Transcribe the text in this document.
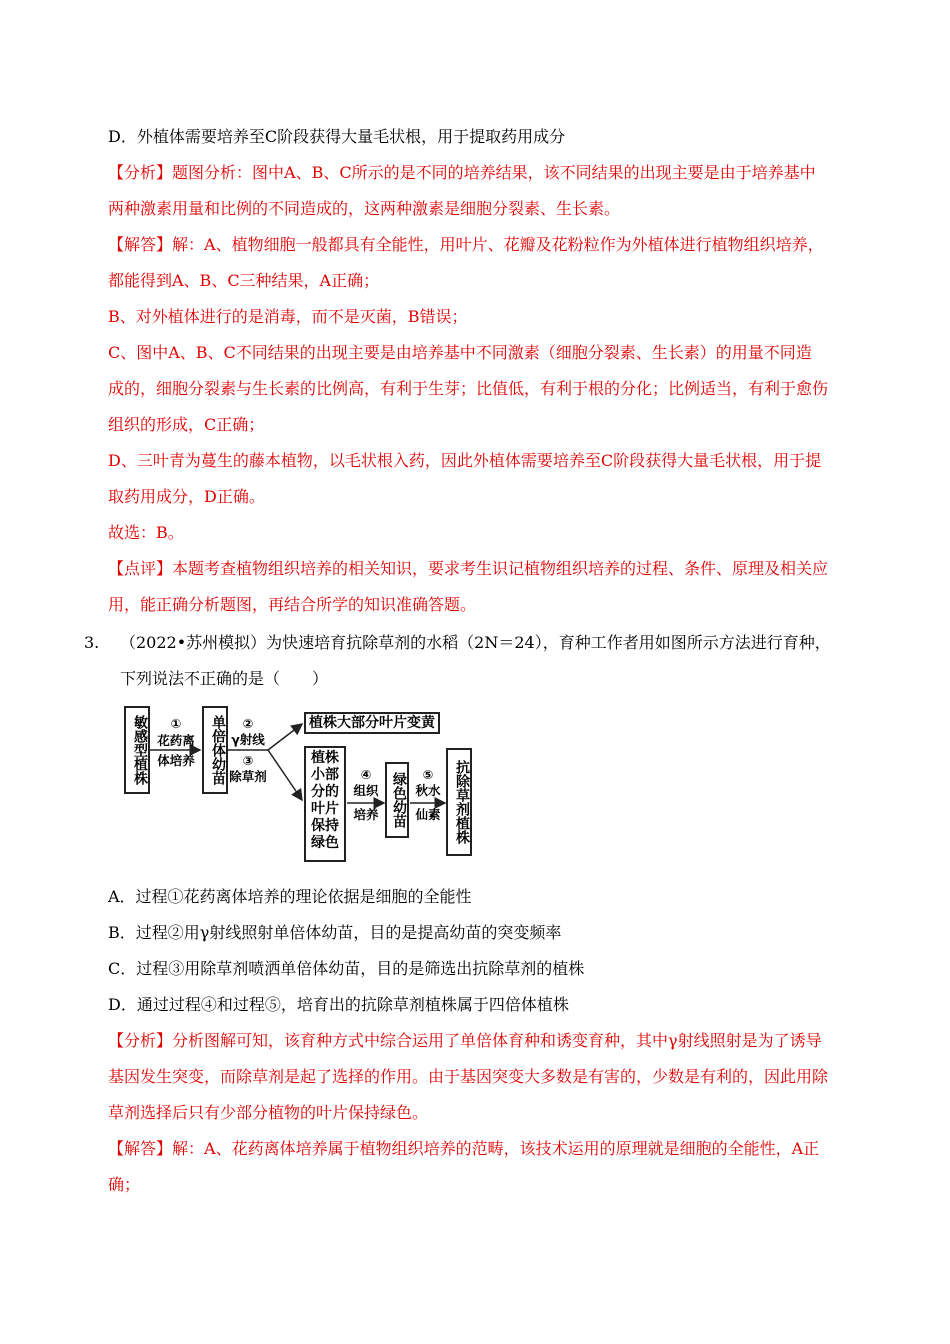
D．外植体需要培养至C阶段获得大量毛状根，用于提取药用成分
【分析】题图分析：图中A、B、C所示的是不同的培养结果，该不同结果的出现主要是由于培养基中
两种激素用量和比例的不同造成的，这两种激素是细胞分裂素、生长素。
【解答】解：A、植物细胞一般都具有全能性，用叶片、花瓣及花粉粒作为外植体进行植物组织培养，
都能得到A、B、C三种结果，A正确；
B、对外植体进行的是消毒，而不是灭菌，B错误；
C、图中A、B、C不同结果的出现主要是由培养基中不同激素（细胞分裂素、生长素）的用量不同造
成的，细胞分裂素与生长素的比例高，有利于生芽；比值低，有利于根的分化；比例适当，有利于愈伤
组织的形成，C正确；
D、三叶青为蔓生的藤本植物，以毛状根入药，因此外植体需要培养至C阶段获得大量毛状根，用于提
取药用成分，D正确。
故选：B。
【点评】本题考查植物组织培养的相关知识，要求考生识记植物组织培养的过程、条件、原理及相关应
用，能正确分析题图，再结合所学的知识准确答题。
3. （2022•苏州模拟）为快速培育抗除草剂的水稻（2N＝24），育种工作者用如图所示方法进行育种，
下列说法不正确的是（　　）
敏感型植株	①
花药离
体培养	单倍体幼苗	②
γ射线
③
除草剂
植株大部分叶片变黄
植株小部分的叶片保持绿色
④
组织
培养 绿色幼苗	⑤
秋水
仙素 抗除草剂植株
A．过程①花药离体培养的理论依据是细胞的全能性
B．过程②用γ射线照射单倍体幼苗，目的是提高幼苗的突变频率
C．过程③用除草剂喷洒单倍体幼苗，目的是筛选出抗除草剂的植株
D．通过过程④和过程⑤，培育出的抗除草剂植株属于四倍体植株
【分析】分析图解可知，该育种方式中综合运用了单倍体育种和诱变育种，其中γ射线照射是为了诱导
基因发生突变，而除草剂是起了选择的作用。由于基因突变大多数是有害的，少数是有利的，因此用除
草剂选择后只有少部分植物的叶片保持绿色。
【解答】解：A、花药离体培养属于植物组织培养的范畴，该技术运用的原理就是细胞的全能性，A正
确；
